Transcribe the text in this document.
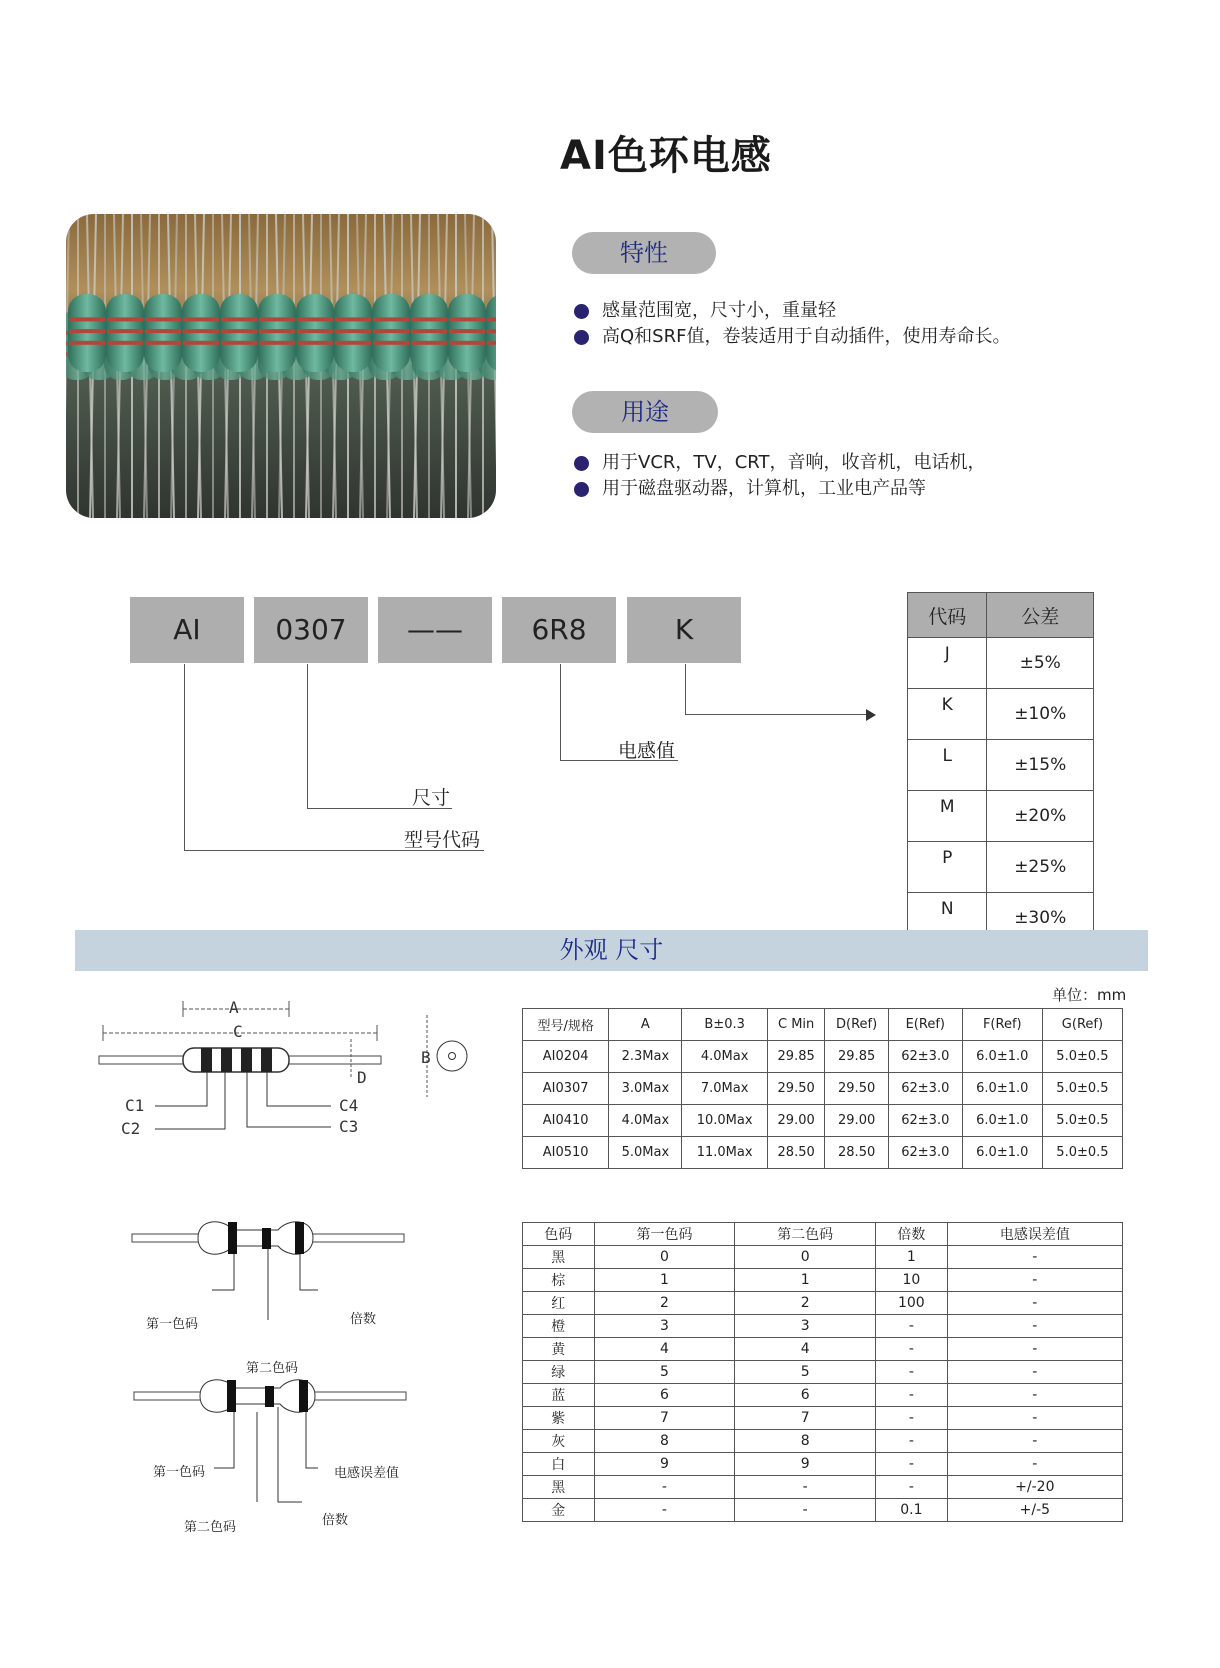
AI色环电感
特性
感量范围宽，尺寸小，重量轻
高Q和SRF值，卷装适用于自动插件，使用寿命长。
用途
用于VCR，TV，CRT，音响，收音机，电话机，
用于磁盘驱动器，计算机，工业电产品等
AI	0307	——	6R8	K
电感值
尺寸
型号代码
代码	公差
J	±5%
K	±10%
L	±15%
M	±20%
P	±25%
N	±30%
外观 尺寸
单位：mm
A
C
D
B
C1
C2	C3
C4
型号/规格	A	B±0.3	C Min	D(Ref)	E(Ref)	F(Ref)	G(Ref)
AI0204	2.3Max	4.0Max	29.85	29.85	62±3.0	6.0±1.0	5.0±0.5
AI0307	3.0Max	7.0Max	29.50	29.50	62±3.0	6.0±1.0	5.0±0.5
AI0410	4.0Max	10.0Max	29.00	29.00	62±3.0	6.0±1.0	5.0±0.5
AI0510	5.0Max	11.0Max	28.50	28.50	62±3.0	6.0±1.0	5.0±0.5
第一色码	倍数
第二色码
第一色码	电感误差值
第二色码	倍数
色码	第一色码	第二色码	倍数	电感误差值
黑	0	0	1	-
棕	1	1	10	-
红	2	2	100	-
橙	3	3	-	-
黄	4	4	-	-
绿	5	5	-	-
蓝	6	6	-	-
紫	7	7	-	-
灰	8	8	-	-
白	9	9	-	-
黑	-	-	-	+/-20
金	-	-	0.1	+/-5
